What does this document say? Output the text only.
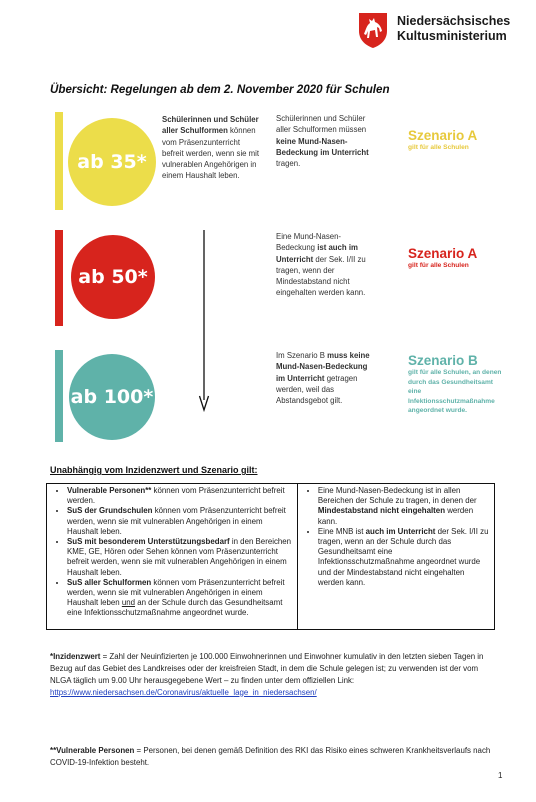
Niedersächsisches
Kultusministerium
Übersicht: Regelungen ab dem 2. November 2020 für Schulen
ab 35*
Schülerinnen und Schüler aller Schulformen können vom Präsenzunterricht befreit werden, wenn sie mit vulnerablen Angehörigen in einem Haushalt leben.
Schülerinnen und Schüler aller Schulformen müssen keine Mund-Nasen-Bedeckung im Unterricht tragen.
Szenario A
gilt für alle Schulen
ab 50*
Eine Mund-Nasen-Bedeckung ist auch im Unterricht der Sek. I/II zu tragen, wenn der Mindestabstand nicht eingehalten werden kann.
Szenario A
gilt für alle Schulen
ab 100*
Im Szenario B muss keine Mund-Nasen-Bedeckung im Unterricht getragen werden, weil das Abstandsgebot gilt.
Szenario B
gilt für alle Schulen, an denen durch das Gesundheitsamt eine Infektionsschutzmaßnahme angeordnet wurde.
Unabhängig vom Inzidenzwert und Szenario gilt:
• Vulnerable Personen** können vom Präsenzunterricht befreit werden.
• SuS der Grundschulen können vom Präsenzunterricht befreit werden, wenn sie mit vulnerablen Angehörigen in einem Haushalt leben.
• SuS mit besonderem Unterstützungsbedarf in den Bereichen KME, GE, Hören oder Sehen können vom Präsenzunterricht befreit werden, wenn sie mit vulnerablen Angehörigen in einem Haushalt leben.
• SuS aller Schulformen können vom Präsenzunterricht befreit werden, wenn sie mit vulnerablen Angehörigen in einem Haushalt leben und an der Schule durch das Gesundheitsamt eine Infektionsschutzmaßnahme angeordnet wurde.

• Eine Mund-Nasen-Bedeckung ist in allen Bereichen der Schule zu tragen, in denen der Mindestabstand nicht eingehalten werden kann.
• Eine MNB ist auch im Unterricht der Sek. I/II zu tragen, wenn an der Schule durch das Gesundheitsamt eine Infektionsschutzmaßnahme angeordnet wurde und der Mindestabstand nicht eingehalten werden kann.
*Inzidenzwert = Zahl der Neuinfizierten je 100.000 Einwohnerinnen und Einwohner kumulativ in den letzten sieben Tagen in Bezug auf das Gebiet des Landkreises oder der kreisfreien Stadt, in dem die Schule gelegen ist; zu verwenden ist der vom NLGA täglich um 9.00 Uhr herausgegebene Wert – zu finden unter dem offiziellen Link:
https://www.niedersachsen.de/Coronavirus/aktuelle_lage_in_niedersachsen/
**Vulnerable Personen = Personen, bei denen gemäß Definition des RKI das Risiko eines schweren Krankheitsverlaufs nach COVID-19-Infektion besteht.
1
